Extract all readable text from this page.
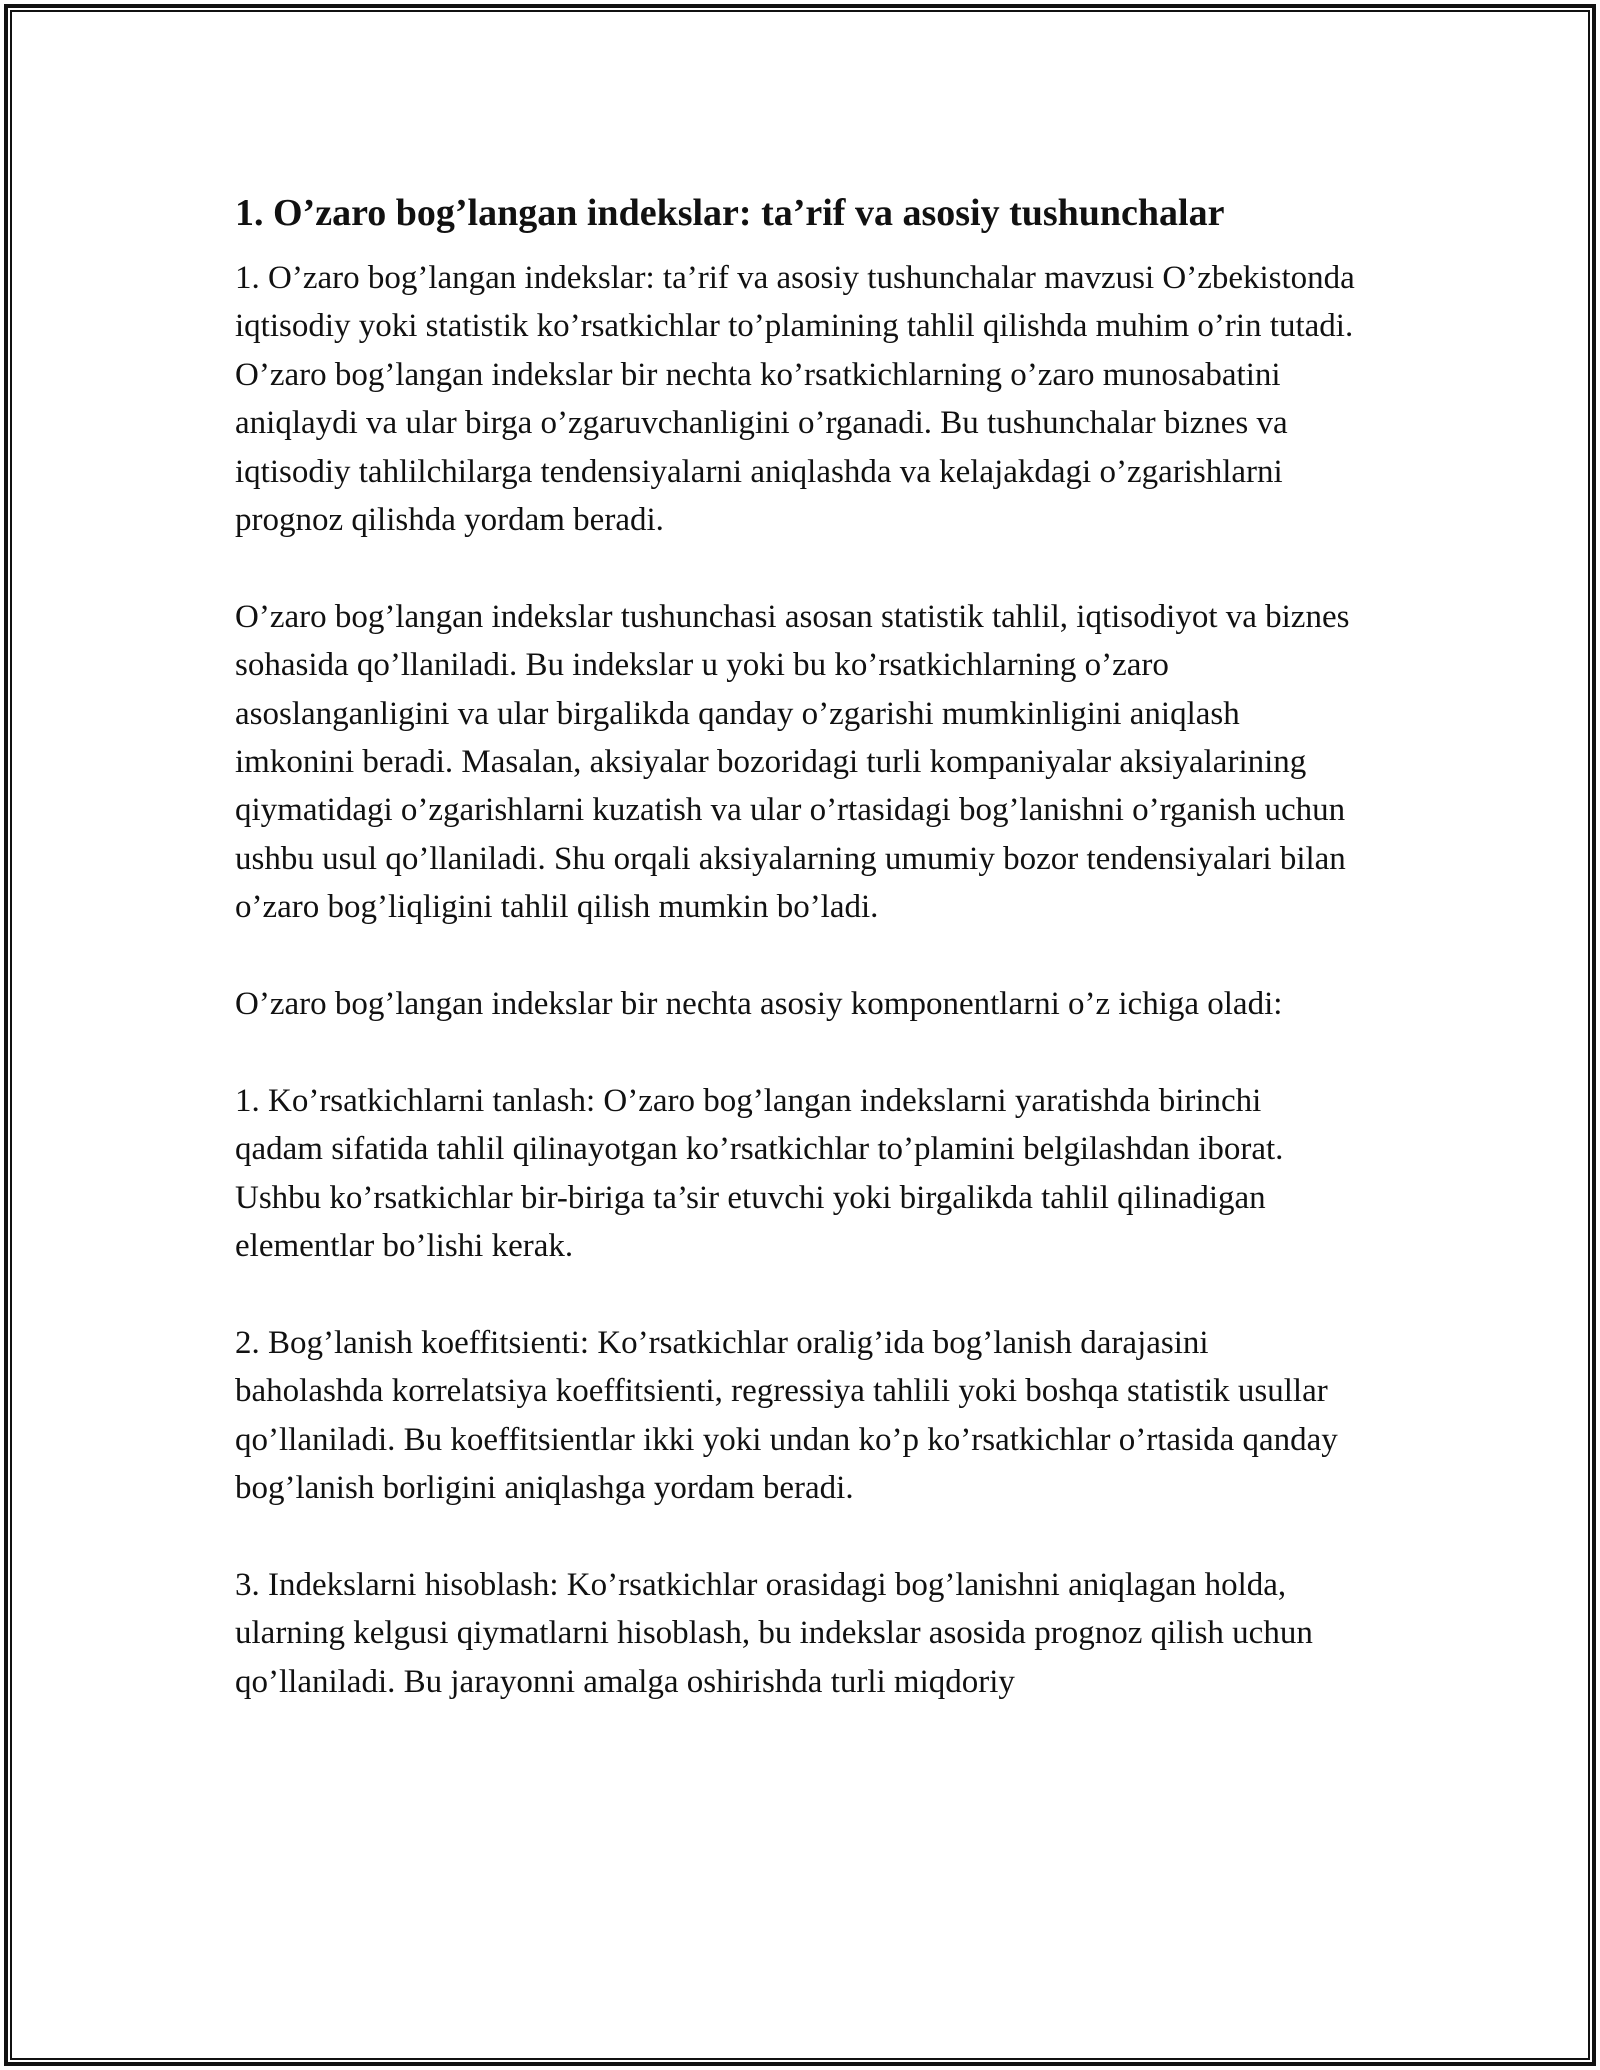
1. O’zaro bog’langan indekslar: ta’rif va asosiy tushunchalar

1. O’zaro bog’langan indekslar: ta’rif va asosiy tushunchalar mavzusi O’zbekistonda iqtisodiy yoki statistik ko’rsatkichlar to’plamining tahlil qilishda muhim o’rin tutadi. O’zaro bog’langan indekslar bir nechta ko’rsatkichlarning o’zaro munosabatini aniqlaydi va ular birga o’zgaruvchanligini o’rganadi. Bu tushunchalar biznes va iqtisodiy tahlilchilarga tendensiyalarni aniqlashda va kelajakdagi o’zgarishlarni prognoz qilishda yordam beradi.

O’zaro bog’langan indekslar tushunchasi asosan statistik tahlil, iqtisodiyot va biznes sohasida qo’llaniladi. Bu indekslar u yoki bu ko’rsatkichlarning o’zaro asoslanganligini va ular birgalikda qanday o’zgarishi mumkinligini aniqlash imkonini beradi. Masalan, aksiyalar bozoridagi turli kompaniyalar aksiyalarining qiymatidagi o’zgarishlarni kuzatish va ular o’rtasidagi bog’lanishni o’rganish uchun ushbu usul qo’llaniladi. Shu orqali aksiyalarning umumiy bozor tendensiyalari bilan o’zaro bog’liqligini tahlil qilish mumkin bo’ladi.

O’zaro bog’langan indekslar bir nechta asosiy komponentlarni o’z ichiga oladi:

1. Ko’rsatkichlarni tanlash: O’zaro bog’langan indekslarni yaratishda birinchi qadam sifatida tahlil qilinayotgan ko’rsatkichlar to’plamini belgilashdan iborat. Ushbu ko’rsatkichlar bir-biriga ta’sir etuvchi yoki birgalikda tahlil qilinadigan elementlar bo’lishi kerak.

2. Bog’lanish koeffitsienti: Ko’rsatkichlar oralig’ida bog’lanish darajasini baholashda korrelatsiya koeffitsienti, regressiya tahlili yoki boshqa statistik usullar qo’llaniladi. Bu koeffitsientlar ikki yoki undan ko’p ko’rsatkichlar o’rtasida qanday bog’lanish borligini aniqlashga yordam beradi.

3. Indekslarni hisoblash: Ko’rsatkichlar orasidagi bog’lanishni aniqlagan holda, ularning kelgusi qiymatlarni hisoblash, bu indekslar asosida prognoz qilish uchun qo’llaniladi. Bu jarayonni amalga oshirishda turli miqdoriy
